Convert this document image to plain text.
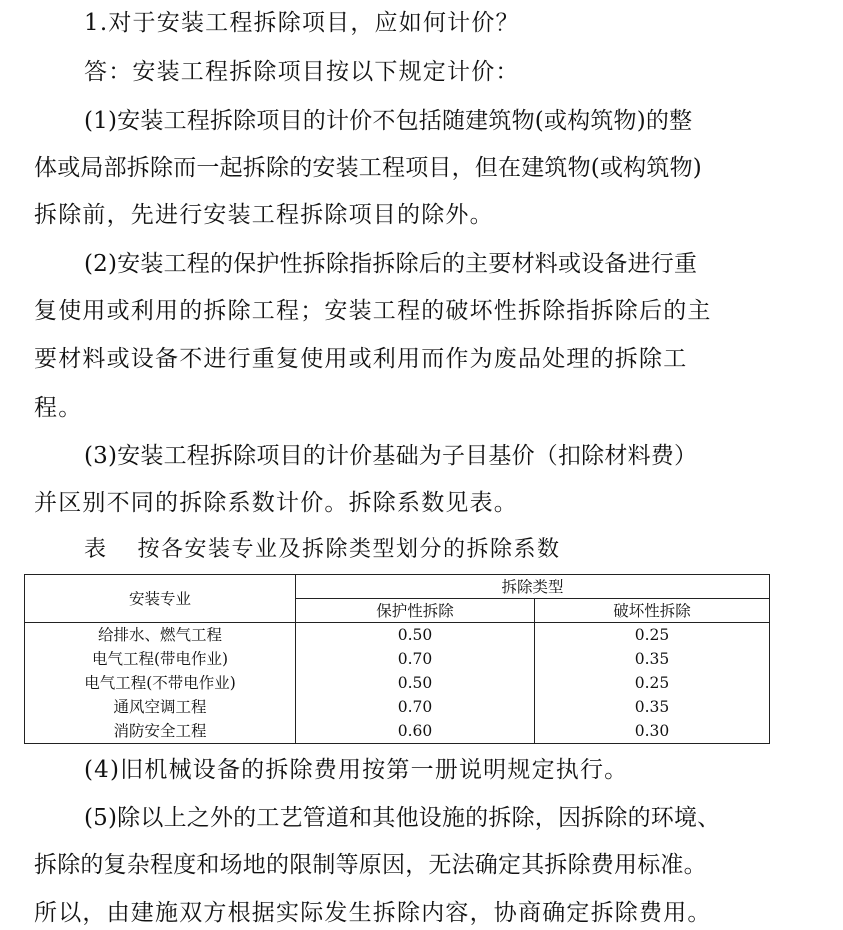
1.对于安装工程拆除项目，应如何计价？
答：安装工程拆除项目按以下规定计价：
(1)安装工程拆除项目的计价不包括随建筑物(或构筑物)的整
体或局部拆除而一起拆除的安装工程项目，但在建筑物(或构筑物)
拆除前，先进行安装工程拆除项目的除外。
(2)安装工程的保护性拆除指拆除后的主要材料或设备进行重
复使用或利用的拆除工程；安装工程的破坏性拆除指拆除后的主
要材料或设备不进行重复使用或利用而作为废品处理的拆除工
程。
(3)安装工程拆除项目的计价基础为子目基价（扣除材料费）
并区别不同的拆除系数计价。拆除系数见表。
表 按各安装专业及拆除类型划分的拆除系数
安装专业	拆除类型	
	保护性拆除	破坏性拆除
给排水、燃气工程	0.50	0.25
电气工程(带电作业)	0.70	0.35
电气工程(不带电作业)	0.50	0.25
通风空调工程	0.70	0.35
消防安全工程	0.60	0.30
(4)旧机械设备的拆除费用按第一册说明规定执行。
(5)除以上之外的工艺管道和其他设施的拆除，因拆除的环境、
拆除的复杂程度和场地的限制等原因，无法确定其拆除费用标准。
所以，由建施双方根据实际发生拆除内容，协商确定拆除费用。
